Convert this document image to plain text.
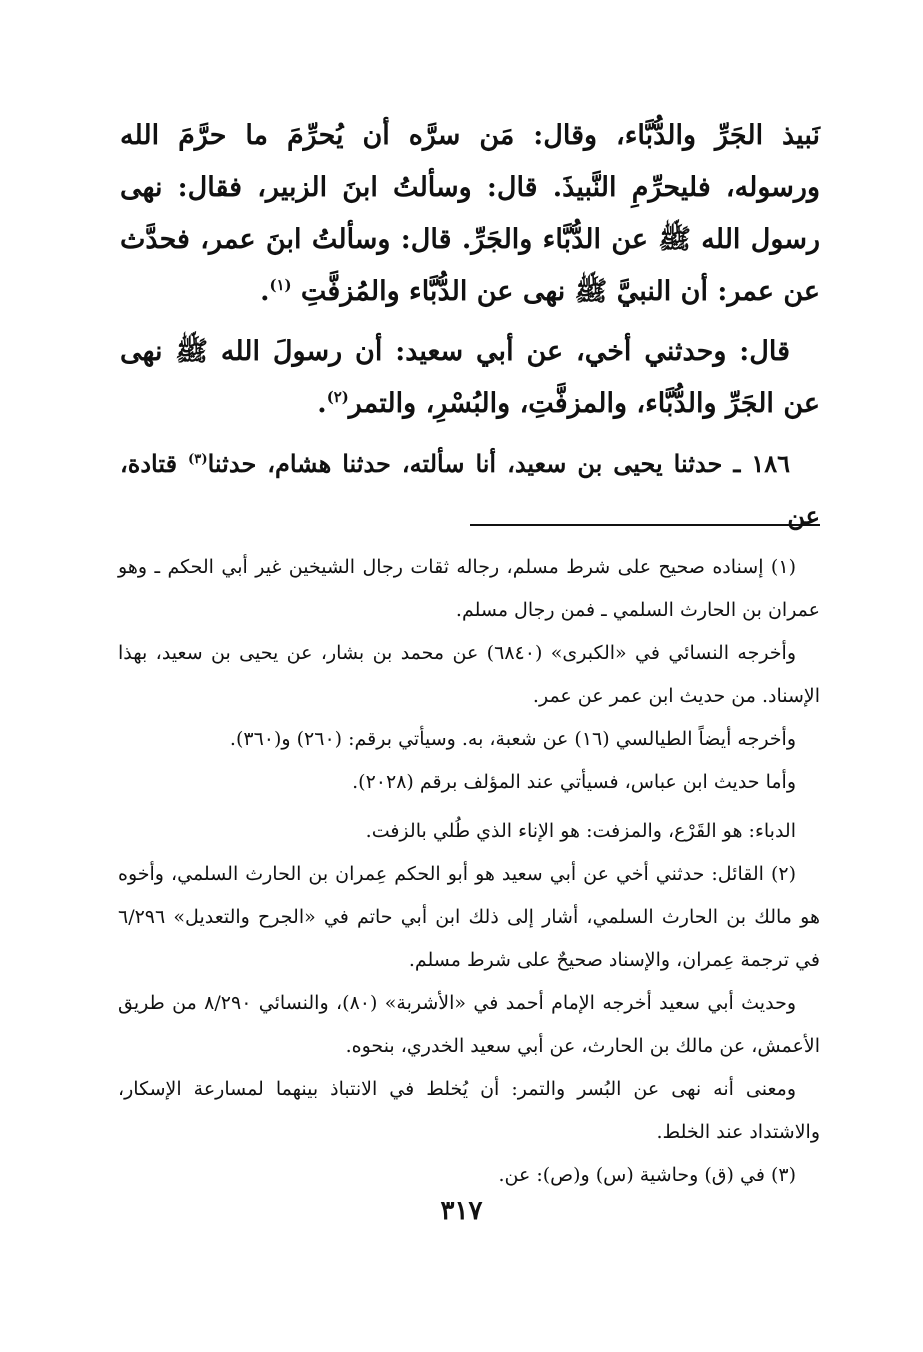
نَبيذ الجَرِّ والدُّبَّاء، وقال: مَن سرَّه أن يُحرِّمَ ما حرَّمَ الله ورسوله، فليحرِّمِ النَّبيذَ. قال: وسألتُ ابنَ الزبير، فقال: نهى رسول الله ﷺ عن الدُّبَّاء والجَرِّ. قال: وسألتُ ابنَ عمر، فحدَّث عن عمر: أن النبيَّ ﷺ نهى عن الدُّبَّاء والمُزفَّتِ $^{(١)}$.

قال: وحدثني أخي، عن أبي سعيد: أن رسولَ الله ﷺ نهى عن الجَرِّ والدُّبَّاء، والمزفَّتِ، والبُسْرِ، والتمر$^{(٢)}$.

١٨٦ ـ حدثنا يحيى بن سعيد، أنا سألته، حدثنا هشام، حدثنا$^{(٣)}$ قتادة، عن

(١) إسناده صحيح على شرط مسلم، رجاله ثقات رجال الشيخين غير أبي الحكم ـ وهو عمران بن الحارث السلمي ـ فمن رجال مسلم.

وأخرجه النسائي في «الكبرى» (٦٨٤٠) عن محمد بن بشار، عن يحيى بن سعيد، بهذا الإسناد. من حديث ابن عمر عن عمر.

وأخرجه أيضاً الطيالسي (١٦) عن شعبة، به. وسيأتي برقم: (٢٦٠) و(٣٦٠).

وأما حديث ابن عباس، فسيأتي عند المؤلف برقم (٢٠٢٨).

الدباء: هو القَرْع، والمزفت: هو الإناء الذي طُلي بالزفت.

(٢) القائل: حدثني أخي عن أبي سعيد هو أبو الحكم عِمران بن الحارث السلمي، وأخوه هو مالك بن الحارث السلمي، أشار إلى ذلك ابن أبي حاتم في «الجرح والتعديل» ٦/٢٩٦ في ترجمة عِمران، والإسناد صحيحٌ على شرط مسلم.

وحديث أبي سعيد أخرجه الإمام أحمد في «الأشربة» (٨٠)، والنسائي ٨/٢٩٠ من طريق الأعمش، عن مالك بن الحارث، عن أبي سعيد الخدري، بنحوه.

ومعنى أنه نهى عن البُسر والتمر: أن يُخلط في الانتباذ بينهما لمسارعة الإسكار، والاشتداد عند الخلط.

(٣) في (ق) وحاشية (س) و(ص): عن.

٣١٧
